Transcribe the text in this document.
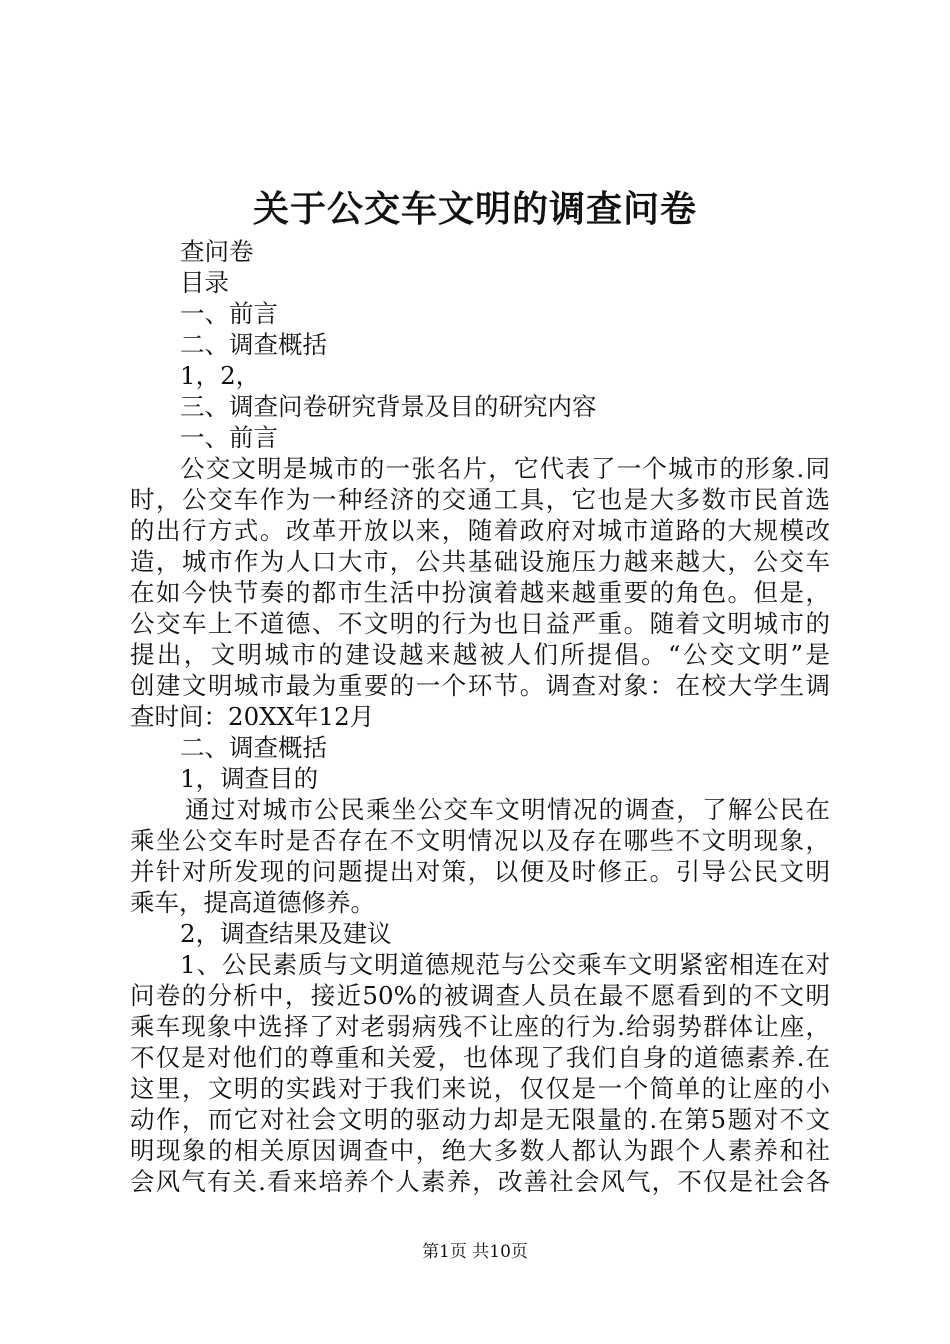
关于公交车文明的调查问卷
查问卷
目录
一、前言
二、调查概括
1，2，
三、调查问卷研究背景及目的研究内容
一、前言
公交文明是城市的一张名片，它代表了一个城市的形象.同
时，公交车作为一种经济的交通工具，它也是大多数市民首选
的出行方式。改革开放以来，随着政府对城市道路的大规模改
造，城市作为人口大市，公共基础设施压力越来越大，公交车
在如今快节奏的都市生活中扮演着越来越重要的角色。但是，
公交车上不道德、不文明的行为也日益严重。随着文明城市的
提出，文明城市的建设越来越被人们所提倡。“公交文明”是
创建文明城市最为重要的一个环节。调查对象：在校大学生调
查时间：20XX年12月
二、调查概括
1，调查目的
通过对城市公民乘坐公交车文明情况的调查，了解公民在
乘坐公交车时是否存在不文明情况以及存在哪些不文明现象，
并针对所发现的问题提出对策，以便及时修正。引导公民文明
乘车，提高道德修养。
2，调查结果及建议
1、公民素质与文明道德规范与公交乘车文明紧密相连在对
问卷的分析中，接近50%的被调查人员在最不愿看到的不文明
乘车现象中选择了对老弱病残不让座的行为.给弱势群体让座，
不仅是对他们的尊重和关爱，也体现了我们自身的道德素养.在
这里，文明的实践对于我们来说，仅仅是一个简单的让座的小
动作，而它对社会文明的驱动力却是无限量的.在第5题对不文
明现象的相关原因调查中，绝大多数人都认为跟个人素养和社
会风气有关.看来培养个人素养，改善社会风气，不仅是社会各
第1页 共10页
